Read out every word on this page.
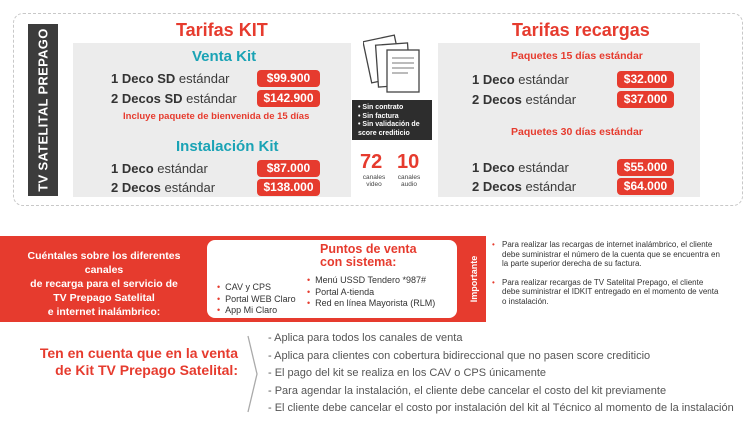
TV SATELITAL PREPAGO	Tarifas KIT
Venta Kit
1 Deco SD estándar	$99.900
2 Decos SD estándar	$142.900
Incluye paquete de bienvenida de 15 días
Instalación Kit
1 Deco estándar	$87.000
2 Decos estándar	$138.000
• Sin contrato
• Sin factura
• Sin validación de score crediticio
72
canales video
10
canales audio
Tarifas recargas
Paquetes 15 días estándar
1 Deco estándar	$32.000
2 Decos estándar	$37.000
Paquetes 30 días estándar
1 Deco estándar	$55.000
2 Decos estándar	$64.000
Cuéntales sobre los diferentes canales
de recarga para el servicio de
TV Prepago Satelital
e internet inalámbrico:
Puntos de venta
con sistema:
• CAV y CPS
• Portal WEB Claro
• App Mi Claro
• Menú USSD Tendero *987#
• Portal A-tienda
• Red en línea Mayorista (RLM)
Importante
• Para realizar las recargas de internet inalámbrico, el cliente debe suministrar el número de la cuenta que se encuentra en la parte superior derecha de su factura.
• Para realizar recargas de TV Satelital Prepago, el cliente debe suministrar el IDKIT entregado en el momento de venta o instalación.
Ten en cuenta que en la venta
de Kit TV Prepago Satelital:
- Aplica para todos los canales de venta
- Aplica para clientes con cobertura bidireccional que no pasen score crediticio
- El pago del kit se realiza en los CAV o CPS únicamente
- Para agendar la instalación, el cliente debe cancelar el costo del kit previamente
- El cliente debe cancelar el costo por instalación del kit al Técnico al momento de la instalación
